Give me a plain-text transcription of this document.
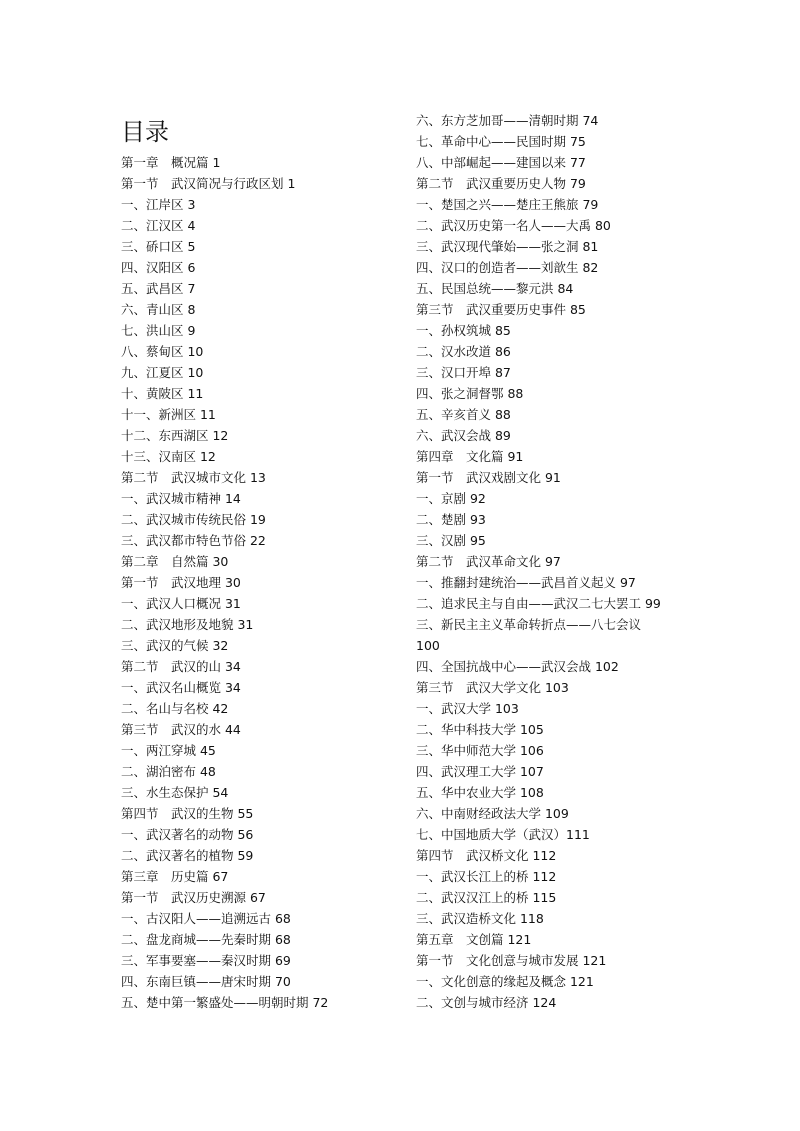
目录
第一章　概况篇 1
第一节　武汉简况与行政区划 1
一、江岸区 3
二、江汉区 4
三、硚口区 5
四、汉阳区 6
五、武昌区 7
六、青山区 8
七、洪山区 9
八、蔡甸区 10
九、江夏区 10
十、黄陂区 11
十一、新洲区 11
十二、东西湖区 12
十三、汉南区 12
第二节　武汉城市文化 13
一、武汉城市精神 14
二、武汉城市传统民俗 19
三、武汉都市特色节俗 22
第二章　自然篇 30
第一节　武汉地理 30
一、武汉人口概况 31
二、武汉地形及地貌 31
三、武汉的气候 32
第二节　武汉的山 34
一、武汉名山概览 34
二、名山与名校 42
第三节　武汉的水 44
一、两江穿城 45
二、湖泊密布 48
三、水生态保护 54
第四节　武汉的生物 55
一、武汉著名的动物 56
二、武汉著名的植物 59
第三章　历史篇 67
第一节　武汉历史溯源 67
一、古汉阳人——追溯远古 68
二、盘龙商城——先秦时期 68
三、军事要塞——秦汉时期 69
四、东南巨镇——唐宋时期 70
五、楚中第一繁盛处——明朝时期 72
六、东方芝加哥——清朝时期 74
七、革命中心——民国时期 75
八、中部崛起——建国以来 77
第二节　武汉重要历史人物 79
一、楚国之兴——楚庄王熊旅 79
二、武汉历史第一名人——大禹 80
三、武汉现代肇始——张之洞 81
四、汉口的创造者——刘歆生 82
五、民国总统——黎元洪 84
第三节　武汉重要历史事件 85
一、孙权筑城 85
二、汉水改道 86
三、汉口开埠 87
四、张之洞督鄂 88
五、辛亥首义 88
六、武汉会战 89
第四章　文化篇 91
第一节　武汉戏剧文化 91
一、京剧 92
二、楚剧 93
三、汉剧 95
第二节　武汉革命文化 97
一、推翻封建统治——武昌首义起义 97
二、追求民主与自由——武汉二七大罢工 99
三、新民主主义革命转折点——八七会议
100
四、全国抗战中心——武汉会战 102
第三节　武汉大学文化 103
一、武汉大学 103
二、华中科技大学 105
三、华中师范大学 106
四、武汉理工大学 107
五、华中农业大学 108
六、中南财经政法大学 109
七、中国地质大学（武汉）111
第四节　武汉桥文化 112
一、武汉长江上的桥 112
二、武汉汉江上的桥 115
三、武汉造桥文化 118
第五章　文创篇 121
第一节　文化创意与城市发展 121
一、文化创意的缘起及概念 121
二、文创与城市经济 124
